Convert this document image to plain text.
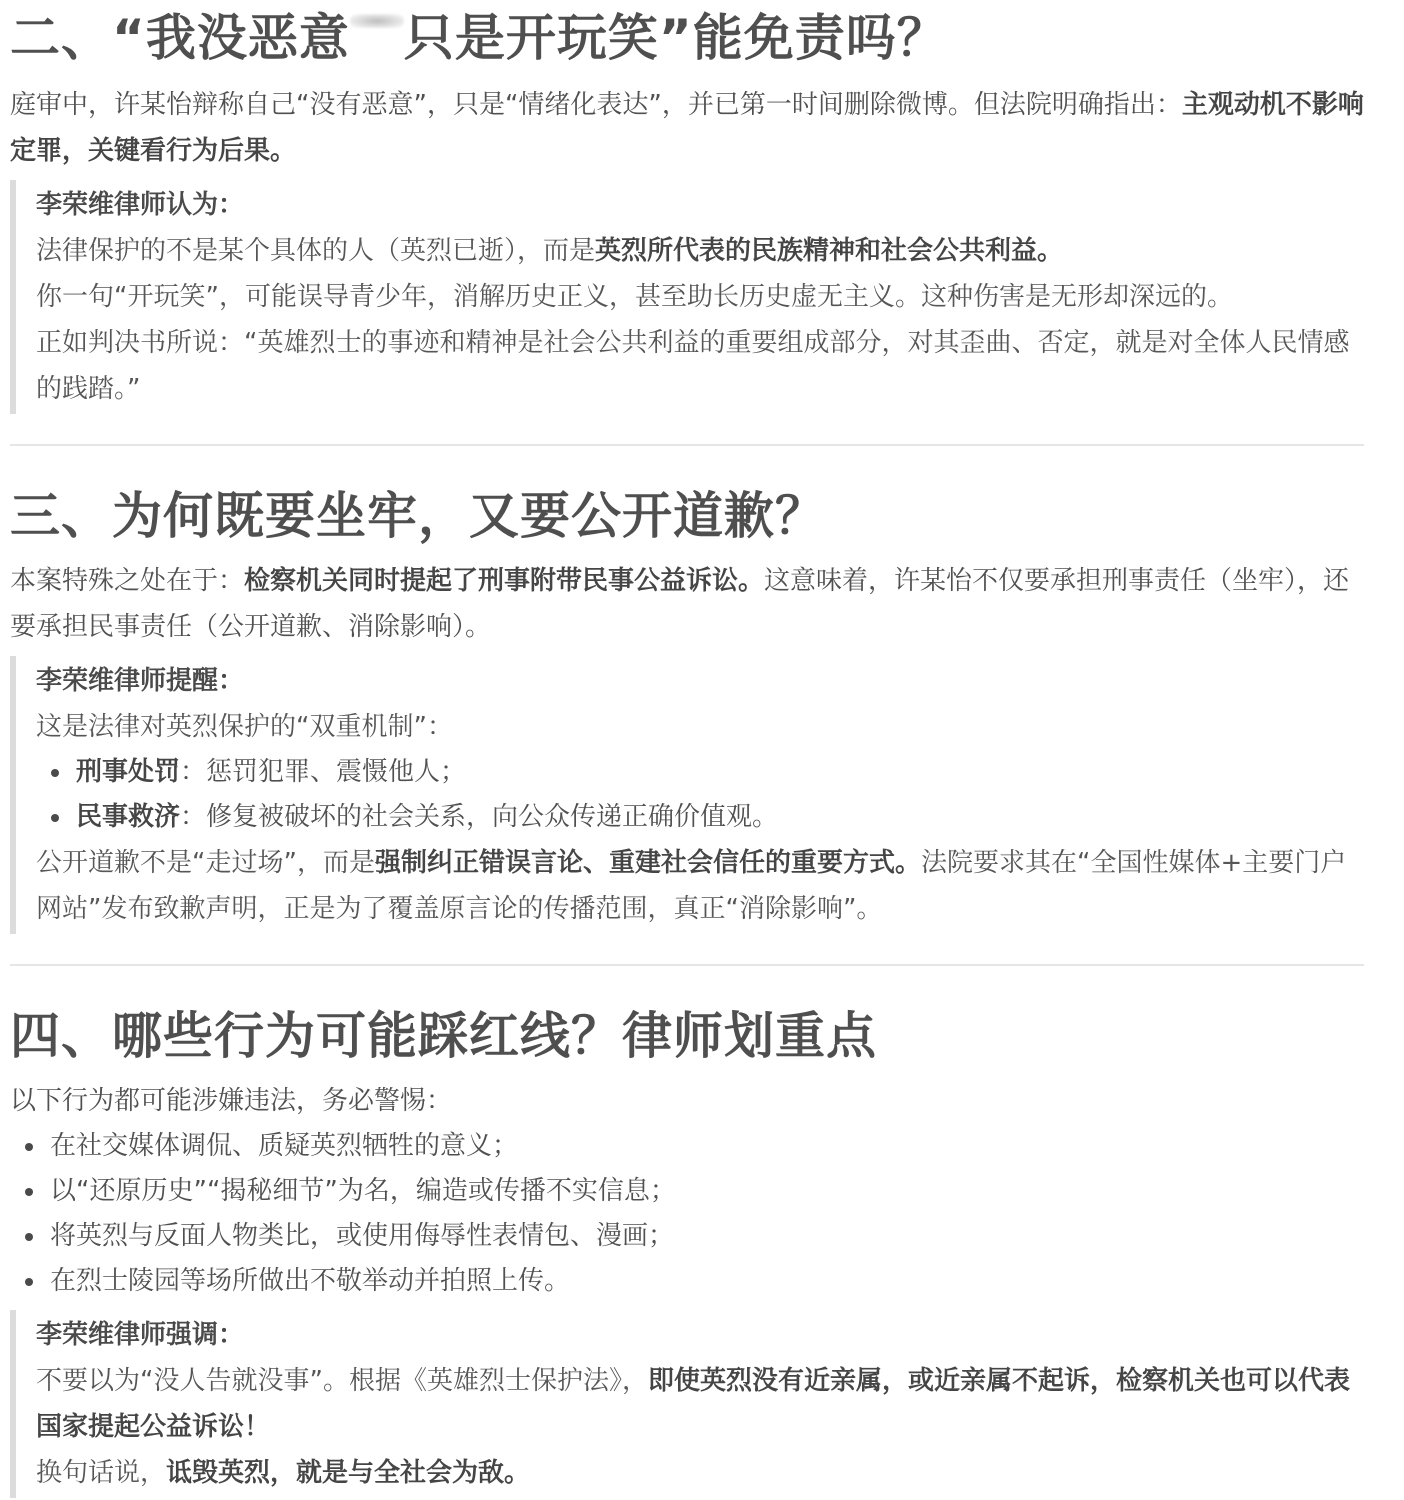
二、“我没恶意 只是开玩笑”能免责吗？

庭审中，许某怡辩称自己“没有恶意”，只是“情绪化表达”，并已第一时间删除微博。但法院明确指出：主观动机不影响定罪，关键看行为后果。

李荣维律师认为：
法律保护的不是某个具体的人（英烈已逝），而是英烈所代表的民族精神和社会公共利益。
你一句“开玩笑”，可能误导青少年，消解历史正义，甚至助长历史虚无主义。这种伤害是无形却深远的。
正如判决书所说：“英雄烈士的事迹和精神是社会公共利益的重要组成部分，对其歪曲、否定，就是对全体人民情感的践踏。”
三、为何既要坐牢，又要公开道歉？

本案特殊之处在于：检察机关同时提起了刑事附带民事公益诉讼。这意味着，许某怡不仅要承担刑事责任（坐牢），还要承担民事责任（公开道歉、消除影响）。

李荣维律师提醒：
这是法律对英烈保护的“双重机制”：
刑事处罚：惩罚犯罪、震慑他人；
民事救济：修复被破坏的社会关系，向公众传递正确价值观。
公开道歉不是“走过场”，而是强制纠正错误言论、重建社会信任的重要方式。法院要求其在“全国性媒体+主要门户网站”发布致歉声明，正是为了覆盖原言论的传播范围，真正“消除影响”。
四、哪些行为可能踩红线？律师划重点

以下行为都可能涉嫌违法，务必警惕：

在社交媒体调侃、质疑英烈牺牲的意义；
以“还原历史”“揭秘细节”为名，编造或传播不实信息；
将英烈与反面人物类比，或使用侮辱性表情包、漫画；
在烈士陵园等场所做出不敬举动并拍照上传。
李荣维律师强调：
不要以为“没人告就没事”。根据《英雄烈士保护法》，即使英烈没有近亲属，或近亲属不起诉，检察机关也可以代表国家提起公益诉讼！
换句话说，诋毁英烈，就是与全社会为敌。
